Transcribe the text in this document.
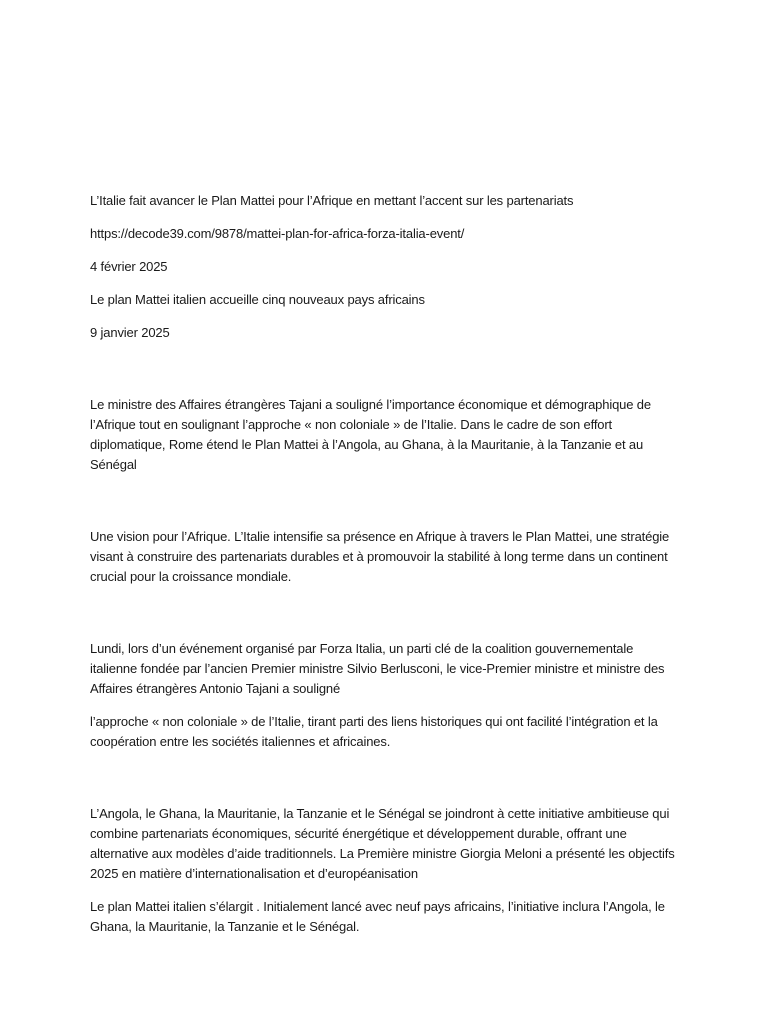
L’Italie fait avancer le Plan Mattei pour l’Afrique en mettant l’accent sur les partenariats

https://decode39.com/9878/mattei-plan-for-africa-forza-italia-event/

4 février 2025

Le plan Mattei italien accueille cinq nouveaux pays africains

9 janvier 2025

Le ministre des Affaires étrangères Tajani a souligné l’importance économique et démographique de l’Afrique tout en soulignant l’approche « non coloniale » de l’Italie. Dans le cadre de son effort diplomatique, Rome étend le Plan Mattei à l’Angola, au Ghana, à la Mauritanie, à la Tanzanie et au Sénégal

Une vision pour l’Afrique. L’Italie intensifie sa présence en Afrique à travers le Plan Mattei, une stratégie visant à construire des partenariats durables et à promouvoir la stabilité à long terme dans un continent crucial pour la croissance mondiale.

Lundi, lors d’un événement organisé par Forza Italia, un parti clé de la coalition gouvernementale italienne fondée par l’ancien Premier ministre Silvio Berlusconi, le vice-Premier ministre et ministre des Affaires étrangères Antonio Tajani a souligné

l’approche « non coloniale » de l’Italie, tirant parti des liens historiques qui ont facilité l’intégration et la coopération entre les sociétés italiennes et africaines.

L’Angola, le Ghana, la Mauritanie, la Tanzanie et le Sénégal se joindront à cette initiative ambitieuse qui combine partenariats économiques, sécurité énergétique et développement durable, offrant une alternative aux modèles d’aide traditionnels. La Première ministre Giorgia Meloni a présenté les objectifs 2025 en matière d’internationalisation et d’européanisation

Le plan Mattei italien s’élargit . Initialement lancé avec neuf pays africains, l’initiative inclura l’Angola, le Ghana, la Mauritanie, la Tanzanie et le Sénégal.
